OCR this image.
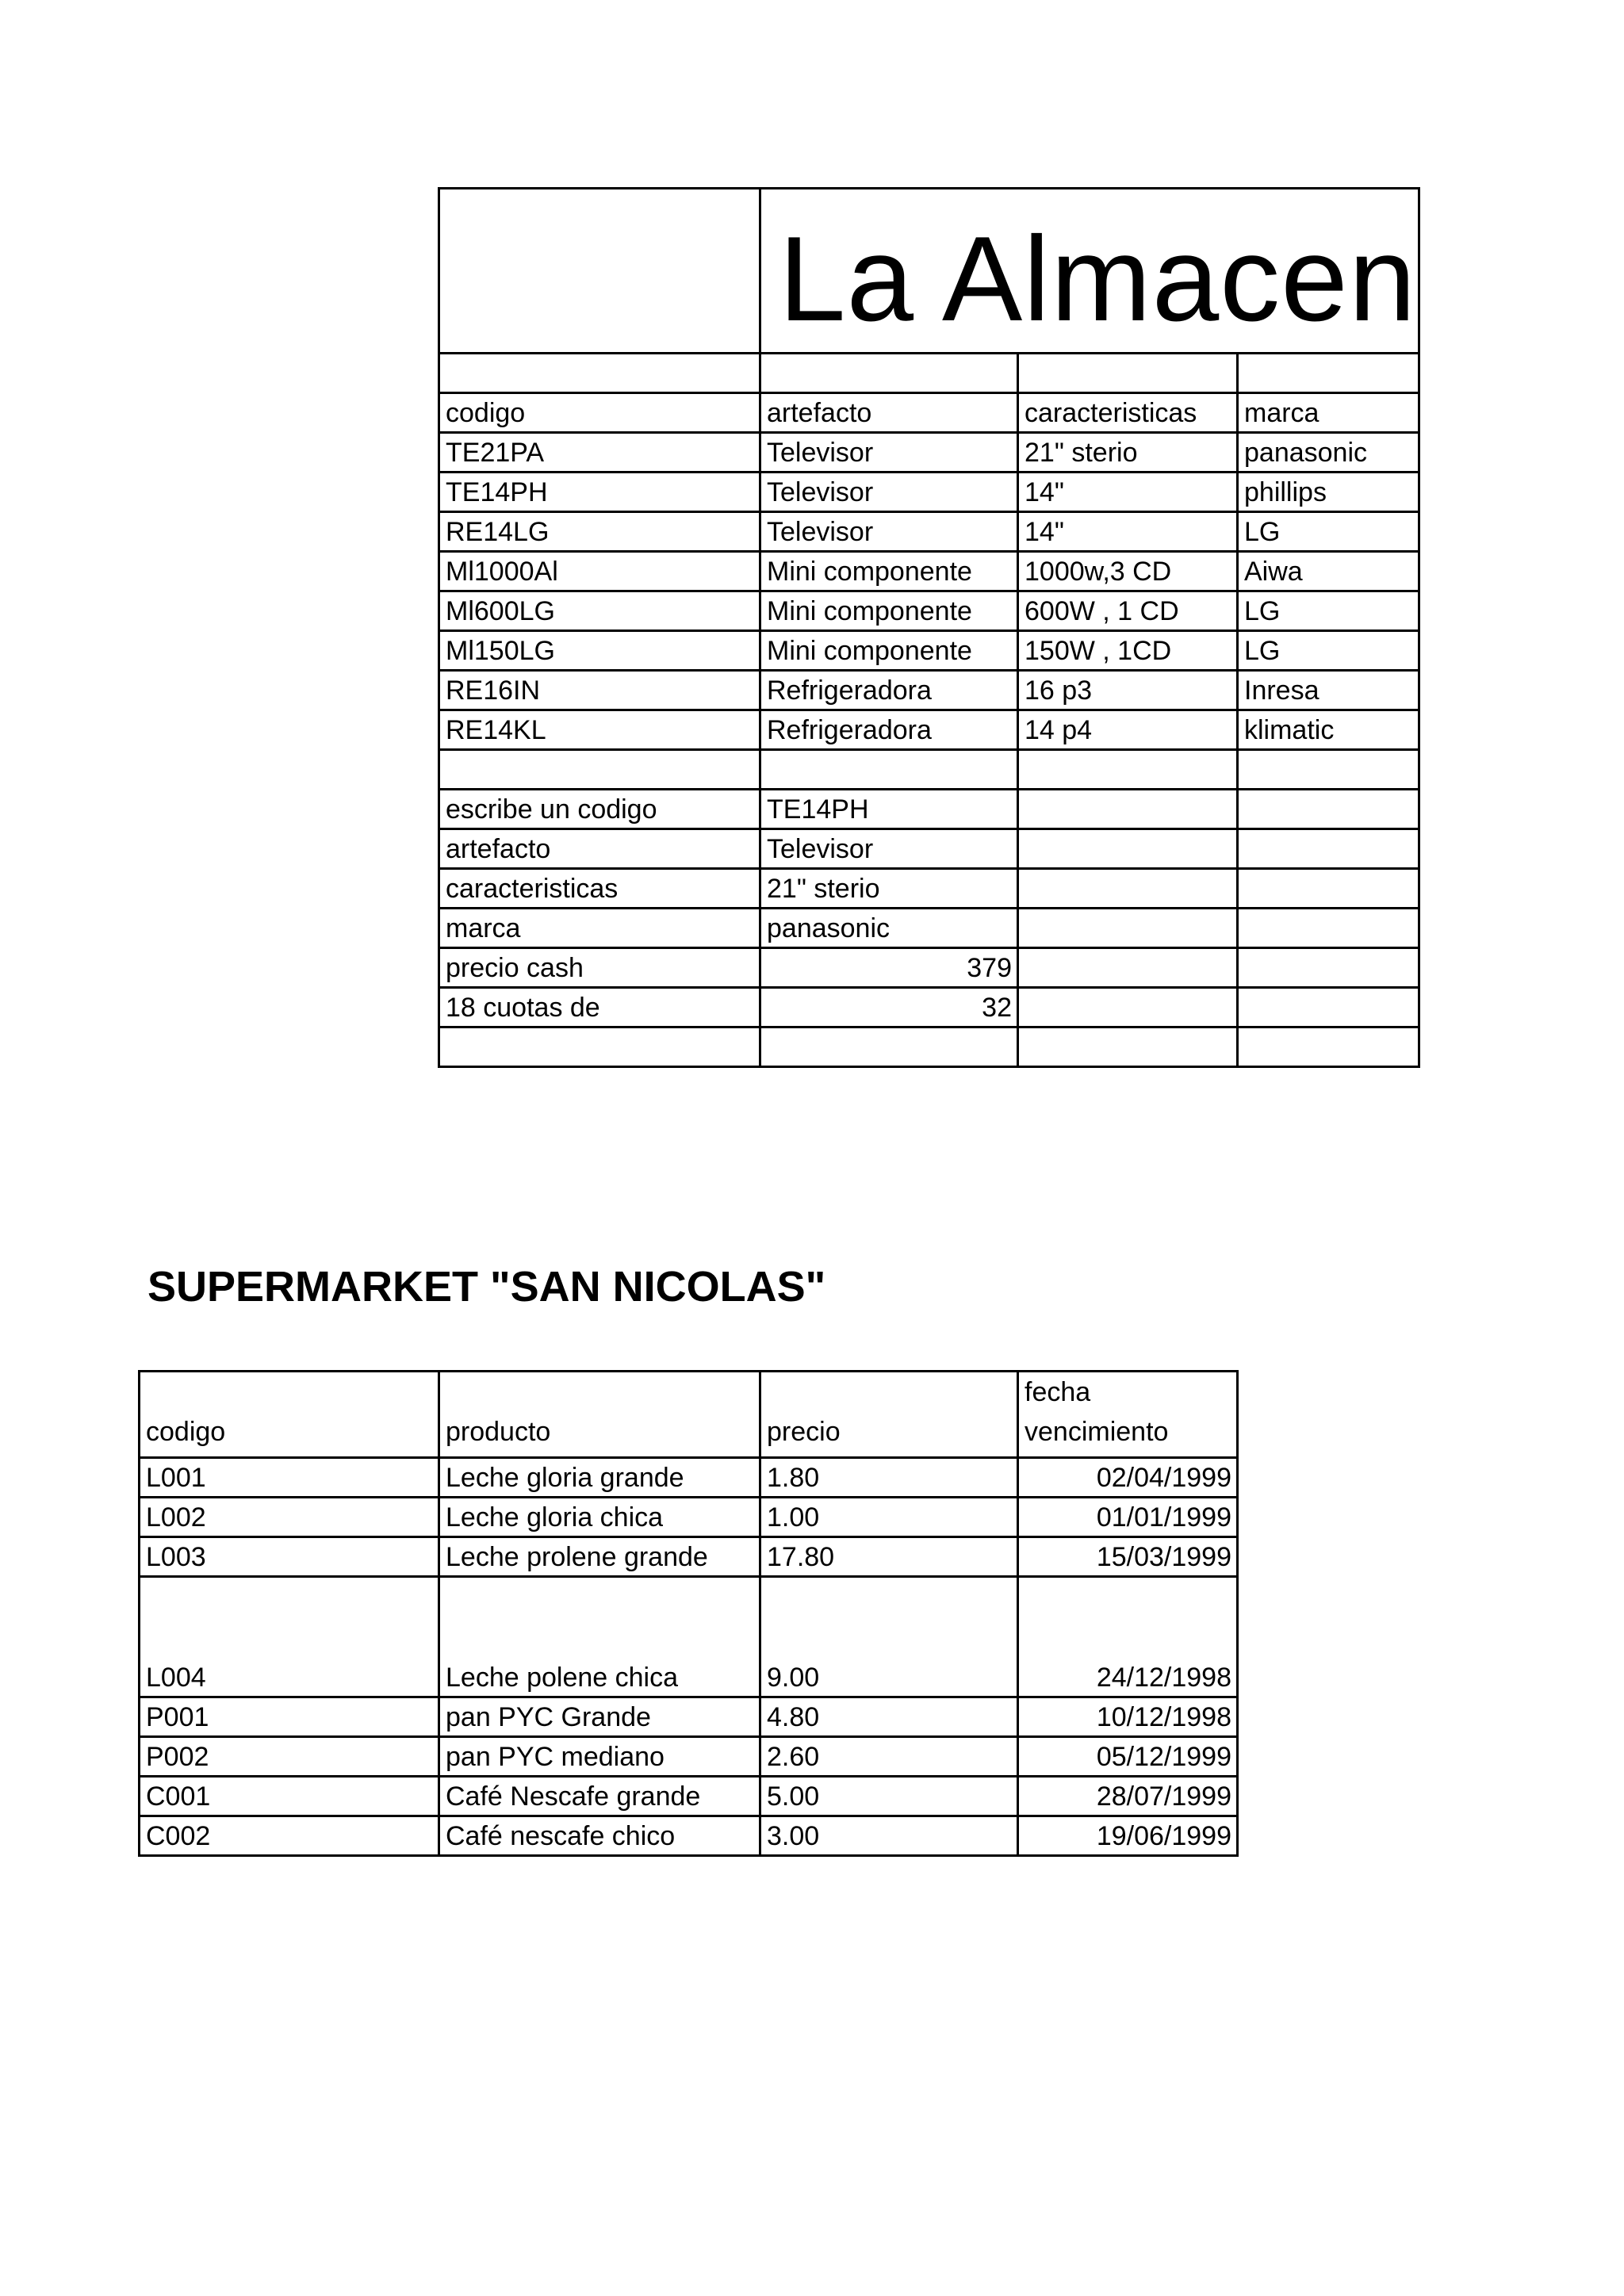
	La Almacen		

codigo	artefacto	caracteristicas	marca
TE21PA	Televisor	21" sterio	panasonic
TE14PH	Televisor	14"	phillips
RE14LG	Televisor	14"	LG
Ml1000Al	Mini componente	1000w,3 CD	Aiwa
Ml600LG	Mini componente	600W , 1 CD	LG
Ml150LG	Mini componente	150W , 1CD	LG
RE16IN	Refrigeradora	16 p3	Inresa
RE14KL	Refrigeradora	14 p4	klimatic

escribe un codigo	TE14PH		
artefacto	Televisor		
caracteristicas	21" sterio		
marca	panasonic		
precio cash	379		
18 cuotas de	32		

SUPERMARKET "SAN NICOLAS"
codigo	producto	precio	fecha vencimiento
L001	Leche gloria grande	1.80	02/04/1999
L002	Leche gloria chica	1.00	01/01/1999
L003	Leche prolene grande	17.80	15/03/1999
L004	Leche polene chica	9.00	24/12/1998
P001	pan PYC Grande	4.80	10/12/1998
P002	pan PYC mediano	2.60	05/12/1999
C001	Café Nescafe grande	5.00	28/07/1999
C002	Café nescafe chico	3.00	19/06/1999
